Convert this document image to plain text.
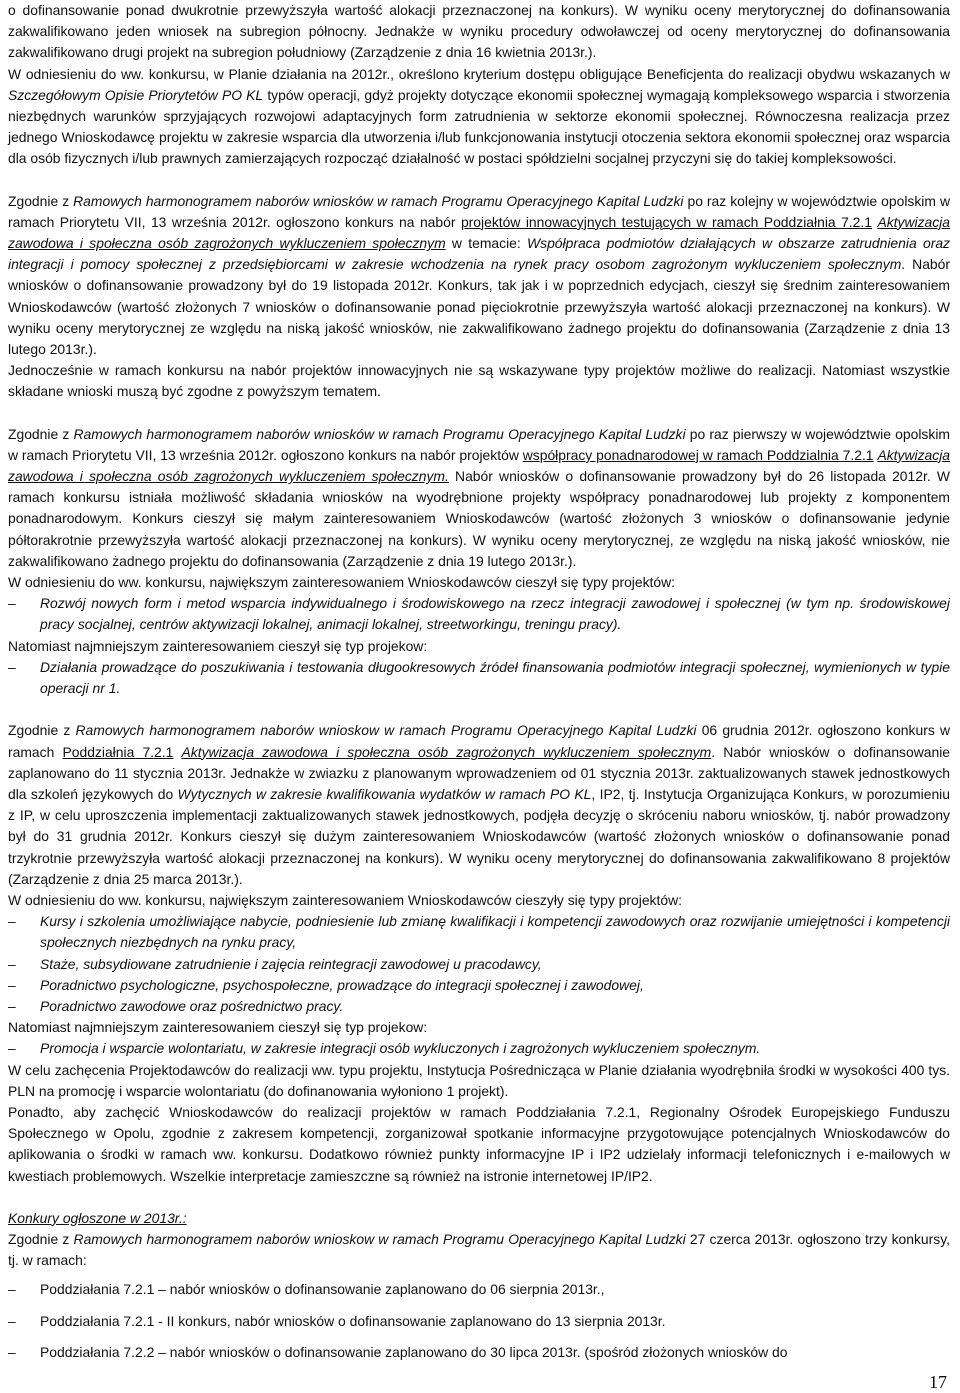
o dofinansowanie ponad dwukrotnie przewyższyła wartość alokacji przeznaczonej na konkurs). W wyniku oceny merytorycznej do dofinansowania zakwalifikowano jeden wniosek na subregion północny. Jednakże w wyniku procedury odwoławczej od oceny merytorycznej do dofinansowania zakwalifikowano drugi projekt na subregion południowy (Zarządzenie z dnia 16 kwietnia 2013r.).
W odniesieniu do ww. konkursu, w Planie działania na 2012r., określono kryterium dostępu obligujące Beneficjenta do realizacji obydwu wskazanych w Szczegółowym Opisie Priorytetów PO KL typów operacji, gdyż projekty dotyczące ekonomii społecznej wymagają kompleksowego wsparcia i stworzenia niezbędnych warunków sprzyjających rozwojowi adaptacyjnych form zatrudnienia w sektorze ekonomii społecznej. Równoczesna realizacja przez jednego Wnioskodawcę projektu w zakresie wsparcia dla utworzenia i/lub funkcjonowania instytucji otoczenia sektora ekonomii społecznej oraz wsparcia dla osób fizycznych i/lub prawnych zamierzających rozpocząć działalność w postaci spółdzielni socjalnej przyczyni się do takiej kompleksowości.

Zgodnie z Ramowych harmonogramem naborów wniosków w ramach Programu Operacyjnego Kapital Ludzki po raz kolejny w województwie opolskim w ramach Priorytetu VII, 13 września 2012r. ogłoszono konkurs na nabór projektów innowacyjnych testujących w ramach Poddziałnia 7.2.1 Aktywizacja zawodowa i społeczna osób zagrożonych wykluczeniem społecznym w temacie: Współpraca podmiotów działających w obszarze zatrudnienia oraz integracji i pomocy społecznej z przedsiębiorcami w zakresie wchodzenia na rynek pracy osobom zagrożonym wykluczeniem społecznym. Nabór wniosków o dofinansowanie prowadzony był do 19 listopada 2012r. Konkurs, tak jak i w poprzednich edycjach, cieszył się średnim zainteresowaniem Wnioskodawców (wartość złożonych 7 wniosków o dofinansowanie ponad pięciokrotnie przewyższyła wartość alokacji przeznaczonej na konkurs). W wyniku oceny merytorycznej ze względu na niską jakość wniosków, nie zakwalifikowano żadnego projektu do dofinansowania (Zarządzenie z dnia 13 lutego 2013r.).
Jednocześnie w ramach konkursu na nabór projektów innowacyjnych nie są wskazywane typy projektów możliwe do realizacji. Natomiast wszystkie składane wnioski muszą być zgodne z powyższym tematem.

Zgodnie z Ramowych harmonogramem naborów wniosków w ramach Programu Operacyjnego Kapital Ludzki po raz pierwszy w województwie opolskim w ramach Priorytetu VII, 13 września 2012r. ogłoszono konkurs na nabór projektów współpracy ponadnarodowej w ramach Poddzialnia 7.2.1 Aktywizacja zawodowa i społeczna osób zagrożonych wykluczeniem społecznym. Nabór wniosków o dofinansowanie prowadzony był do 26 listopada 2012r. W ramach konkursu istniała możliwość składania wniosków na wyodrębnione projekty współpracy ponadnarodowej lub projekty z komponentem ponadnarodowym. Konkurs cieszył się małym zainteresowaniem Wnioskodawców (wartość złożonych 3 wniosków o dofinansowanie jedynie półtorakrotnie przewyższyła wartość alokacji przeznaczonej na konkurs). W wyniku oceny merytorycznej, ze względu na niską jakość wniosków, nie zakwalifikowano żadnego projektu do dofinansowania (Zarządzenie z dnia 19 lutego 2013r.).
W odniesieniu do ww. konkursu, największym zainteresowaniem Wnioskodawców cieszył się typy projektów:

– Rozwój nowych form i metod wsparcia indywidualnego i środowiskowego na rzecz integracji zawodowej i społecznej (w tym np. środowiskowej pracy socjalnej, centrów aktywizacji lokalnej, animacji lokalnej, streetworkingu, treningu pracy).

Natomiast najmniejszym zainteresowaniem cieszył się typ projekow:

– Działania prowadzące do poszukiwania i testowania długookresowych źródeł finansowania podmiotów integracji społecznej, wymienionych w typie operacji nr 1.

Zgodnie z Ramowych harmonogramem naborów wnioskow w ramach Programu Operacyjnego Kapital Ludzki 06 grudnia 2012r. ogłoszono konkurs w ramach Poddziałnia 7.2.1 Aktywizacja zawodowa i społeczna osób zagrożonych wykluczeniem społecznym. Nabór wniosków o dofinansowanie zaplanowano do 11 stycznia 2013r. Jednakże w zwiazku z planowanym wprowadzeniem od 01 stycznia 2013r. zaktualizowanych stawek jednostkowych dla szkoleń językowych do Wytycznych w zakresie kwalifikowania wydatków w ramach PO KL, IP2, tj. Instytucja Organizująca Konkurs, w porozumieniu z IP, w celu uproszczenia implementacji zaktualizowanych stawek jednostkowych, podjęła decyzję o skróceniu naboru wniosków, tj. nabór prowadzony był do 31 grudnia 2012r. Konkurs cieszył się dużym zainteresowaniem Wnioskodawców (wartość złożonych wniosków o dofinansowanie ponad trzykrotnie przewyższyła wartość alokacji przeznaczonej na konkurs). W wyniku oceny merytorycznej do dofinansowania zakwalifikowano 8 projektów (Zarządzenie z dnia 25 marca 2013r.).
W odniesieniu do ww. konkursu, największym zainteresowaniem Wnioskodawców cieszyły się typy projektów:

– Kursy i szkolenia umożliwiające nabycie, podniesienie lub zmianę kwalifikacji i kompetencji zawodowych oraz rozwijanie umiejętności i kompetencji społecznych niezbędnych na rynku pracy,
– Staże, subsydiowane zatrudnienie i zajęcia reintegracji zawodowej u pracodawcy,
– Poradnictwo psychologiczne, psychospołeczne, prowadzące do integracji społecznej i zawodowej,
– Poradnictwo zawodowe oraz pośrednictwo pracy.

Natomiast najmniejszym zainteresowaniem cieszył się typ projekow:

– Promocja i wsparcie wolontariatu, w zakresie integracji osób wykluczonych i zagrożonych wykluczeniem społecznym.

W celu zachęcenia Projektodawców do realizacji ww. typu projektu, Instytucja Pośrednicząca w Planie działania wyodrębniła środki w wysokości 400 tys. PLN na promocję i wsparcie wolontariatu (do dofinanowania wyłoniono 1 projekt).
Ponadto, aby zachęcić Wnioskodawców do realizacji projektów w ramach Poddziałania 7.2.1, Regionalny Ośrodek Europejskiego Funduszu Społecznego w Opolu, zgodnie z zakresem kompetencji, zorganizował spotkanie informacyjne przygotowujące potencjalnych Wnioskodawców do aplikowania o środki w ramach ww. konkursu. Dodatkowo również punkty informacyjne IP i IP2 udzielały informacji telefonicznych i e-mailowych w kwestiach problemowych. Wszelkie interpretacje zamieszczne są również na istronie internetowej IP/IP2.

Konkury ogłoszone w 2013r.:

Zgodnie z Ramowych harmonogramem naborów wnioskow w ramach Programu Operacyjnego Kapital Ludzki 27 czerca 2013r. ogłoszono trzy konkursy, tj. w ramach:

– Poddziałania 7.2.1 – nabór wniosków o dofinansowanie zaplanowano do 06 sierpnia 2013r.,
– Poddziałania 7.2.1 - II konkurs, nabór wniosków o dofinansowanie zaplanowano do 13 sierpnia 2013r.
– Poddziałania 7.2.2 – nabór wniosków o dofinansowanie zaplanowano do 30 lipca 2013r. (spośród złożonych wniosków do
17
